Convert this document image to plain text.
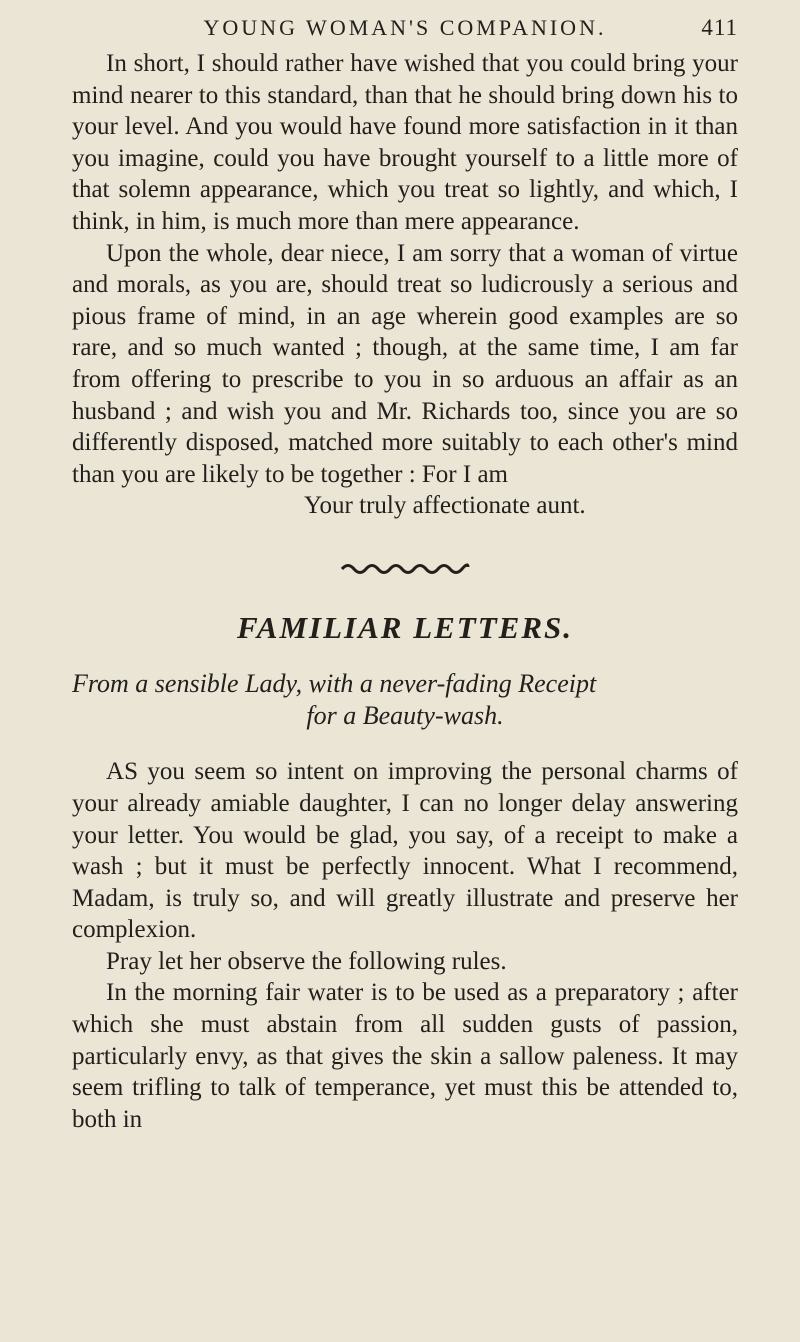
YOUNG WOMAN'S COMPANION.	411

In short, I should rather have wished that you could bring your mind nearer to this standard, than that he should bring down his to your level. And you would have found more satisfaction in it than you imagine, could you have brought yourself to a little more of that solemn appearance, which you treat so lightly, and which, I think, in him, is much more than mere appearance.

Upon the whole, dear niece, I am sorry that a woman of virtue and morals, as you are, should treat so ludicrously a serious and pious frame of mind, in an age wherein good examples are so rare, and so much wanted ; though, at the same time, I am far from offering to prescribe to you in so arduous an affair as an husband ; and wish you and Mr. Richards too, since you are so differently disposed, matched more suitably to each other's mind than you are likely to be together : For I am

Your truly affectionate aunt.

FAMILIAR LETTERS.
From a sensible Lady, with a never-fading Receipt
for a Beauty-wash.

AS you seem so intent on improving the personal charms of your already amiable daughter, I can no longer delay answering your letter. You would be glad, you say, of a receipt to make a wash ; but it must be perfectly innocent. What I recommend, Madam, is truly so, and will greatly illustrate and preserve her complexion.

Pray let her observe the following rules.

In the morning fair water is to be used as a preparatory ; after which she must abstain from all sudden gusts of passion, particularly envy, as that gives the skin a sallow paleness. It may seem trifling to talk of temperance, yet must this be attended to, both in
